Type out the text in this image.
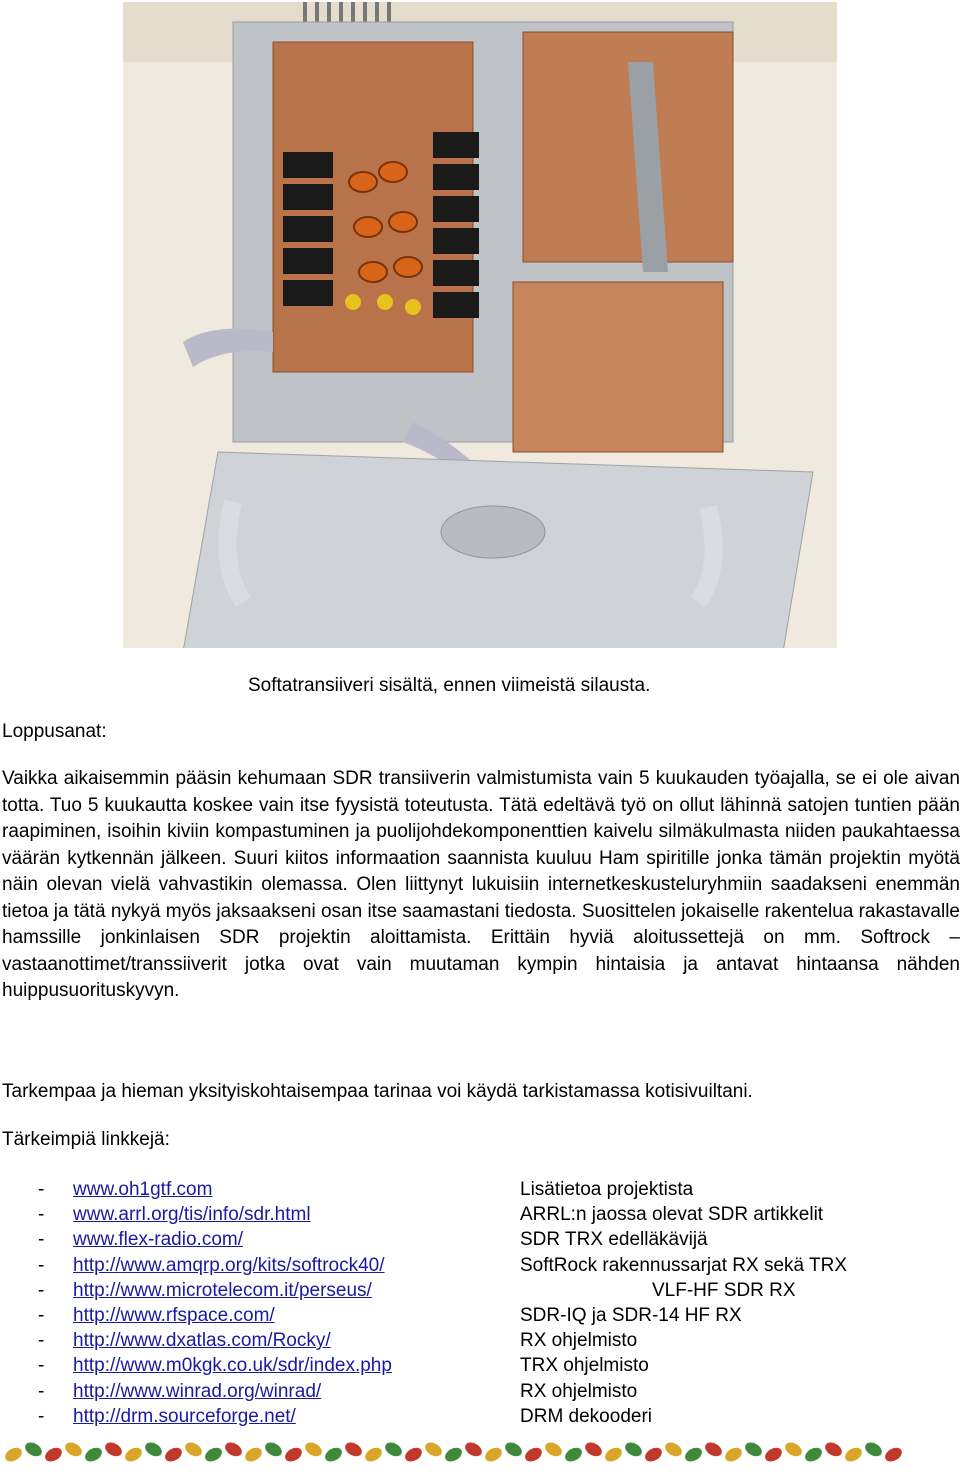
Softatransiiveri sisältä, ennen viimeistä silausta.
Loppusanat:

Vaikka aikaisemmin pääsin kehumaan SDR transiiverin valmistumista vain 5 kuukauden työajalla, se ei ole aivan totta. Tuo 5 kuukautta koskee vain itse fyysistä toteutusta. Tätä edeltävä työ on ollut lähinnä satojen tuntien pään raapiminen, isoihin kiviin kompastuminen ja puolijohdekomponenttien kaivelu silmäkulmasta niiden paukahtaessa väärän kytkennän jälkeen. Suuri kiitos informaation saannista kuuluu Ham spiritille jonka tämän projektin myötä näin olevan vielä vahvastikin olemassa. Olen liittynyt lukuisiin internetkeskusteluryhmiin saadakseni enemmän tietoa ja tätä nykyä myös jaksaakseni osan itse saamastani tiedosta. Suosittelen jokaiselle rakentelua rakastavalle hamssille jonkinlaisen SDR projektin aloittamista. Erittäin hyviä aloitussettejä on mm. Softrock –vastaanottimet/transsiiverit jotka ovat vain muutaman kympin hintaisia ja antavat hintaansa nähden huippusuorituskyvyn.

Tarkempaa ja hieman yksityiskohtaisempaa tarinaa voi käydä tarkistamassa kotisivuiltani.
Tärkeimpiä linkkejä:
- www.oh1gtf.com	Lisätietoa projektista
- www.arrl.org/tis/info/sdr.html	ARRL:n jaossa olevat SDR artikkelit
- www.flex-radio.com/	SDR TRX edelläkävijä
- http://www.amqrp.org/kits/softrock40/	SoftRock rakennussarjat RX sekä TRX
- http://www.microtelecom.it/perseus/	VLF-HF SDR RX
- http://www.rfspace.com/	SDR-IQ ja SDR-14 HF RX
- http://www.dxatlas.com/Rocky/	RX ohjelmisto
- http://www.m0kgk.co.uk/sdr/index.php	TRX ohjelmisto
- http://www.winrad.org/winrad/	RX ohjelmisto
- http://drm.sourceforge.net/	DRM dekooderi
